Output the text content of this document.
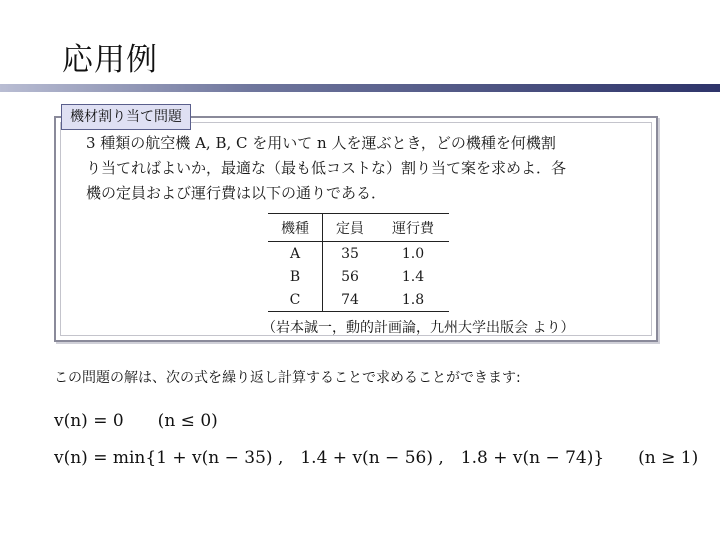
応用例
機材割り当て問題

3 種類の航空機 A, B, C を用いて n 人を運ぶとき，どの機種を何機割

り当てればよいか，最適な（最も低コストな）割り当て案を求めよ．各

機の定員および運行費は以下の通りである．

機種	定員	運行費
A	35	1.0
B	56	1.4
C	74	1.8
（岩本誠一，動的計画論，九州大学出版会 より）
この問題の解は、次の式を繰り返し計算することで求めることができます:
v(n) = 0　　(n ≤ 0)
v(n) = min{1 + v(n − 35) ,　1.4 + v(n − 56) ,　1.8 + v(n − 74)}　　(n ≥ 1)
